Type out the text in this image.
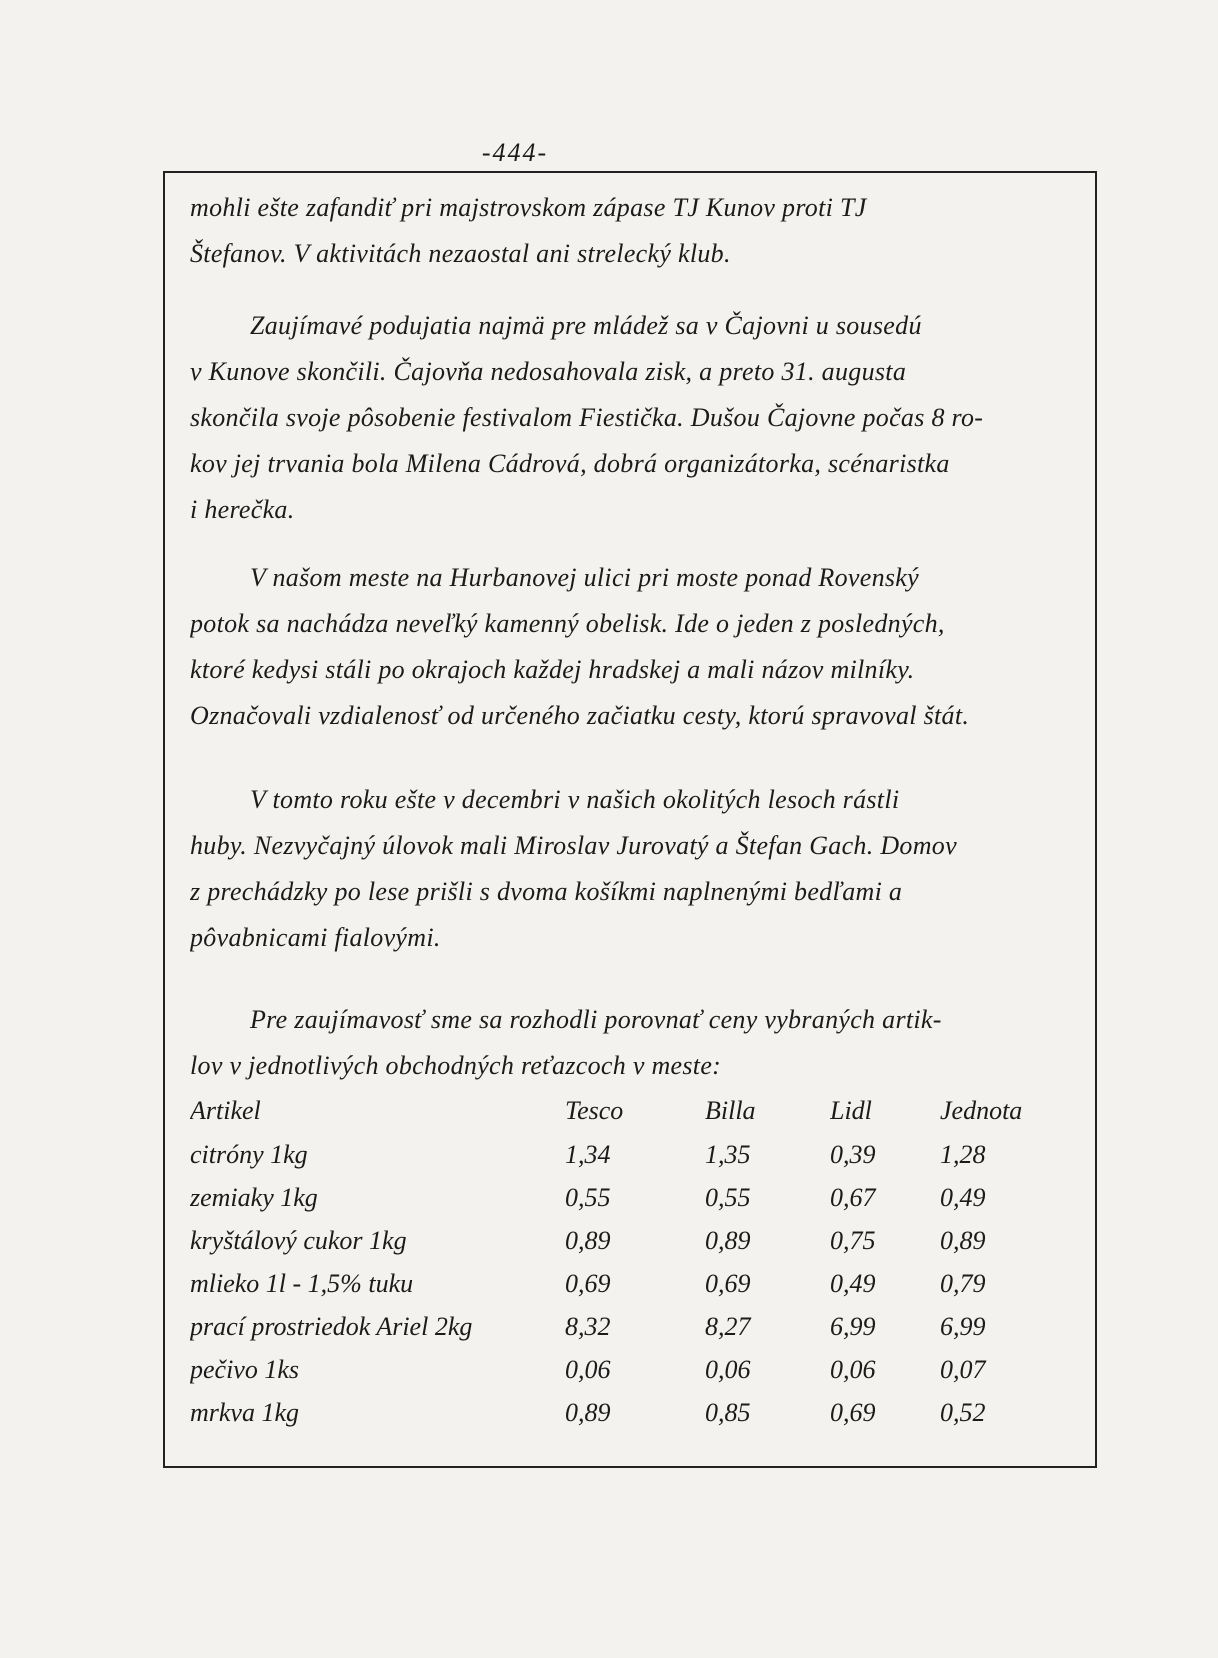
-444-

mohli ešte zafandiť pri majstrovskom zápase TJ Kunov proti TJ
Štefanov. V aktivitách nezaostal ani strelecký klub.

Zaujímavé podujatia najmä pre mládež sa v Čajovni u sousedú
v Kunove skončili. Čajovňa nedosahovala zisk, a preto 31. augusta
skončila svoje pôsobenie festivalom Fiestička. Dušou Čajovne počas 8 ro-
kov jej trvania bola Milena Cádrová, dobrá organizátorka, scénaristka
i herečka.

V našom meste na Hurbanovej ulici pri moste ponad Rovenský
potok sa nachádza neveľký kamenný obelisk. Ide o jeden z posledných,
ktoré kedysi stáli po okrajoch každej hradskej a mali názov milníky.
Označovali vzdialenosť od určeného začiatku cesty, ktorú spravoval štát.

V tomto roku ešte v decembri v našich okolitých lesoch rástli
huby. Nezvyčajný úlovok mali Miroslav Jurovatý a Štefan Gach. Domov
z prechádzky po lese prišli s dvoma košíkmi naplnenými bedľami a
pôvabnicami fialovými.

Pre zaujímavosť sme sa rozhodli porovnať ceny vybraných artik-
lov v jednotlivých obchodných reťazcoch v meste:

Artikel	Tesco	Billa	Lidl	Jednota
citróny 1kg	1,34	1,35	0,39	1,28
zemiaky 1kg	0,55	0,55	0,67	0,49
kryštálový cukor 1kg	0,89	0,89	0,75	0,89
mlieko 1l - 1,5% tuku	0,69	0,69	0,49	0,79
prací prostriedok Ariel 2kg	8,32	8,27	6,99	6,99
pečivo 1ks	0,06	0,06	0,06	0,07
mrkva 1kg	0,89	0,85	0,69	0,52
